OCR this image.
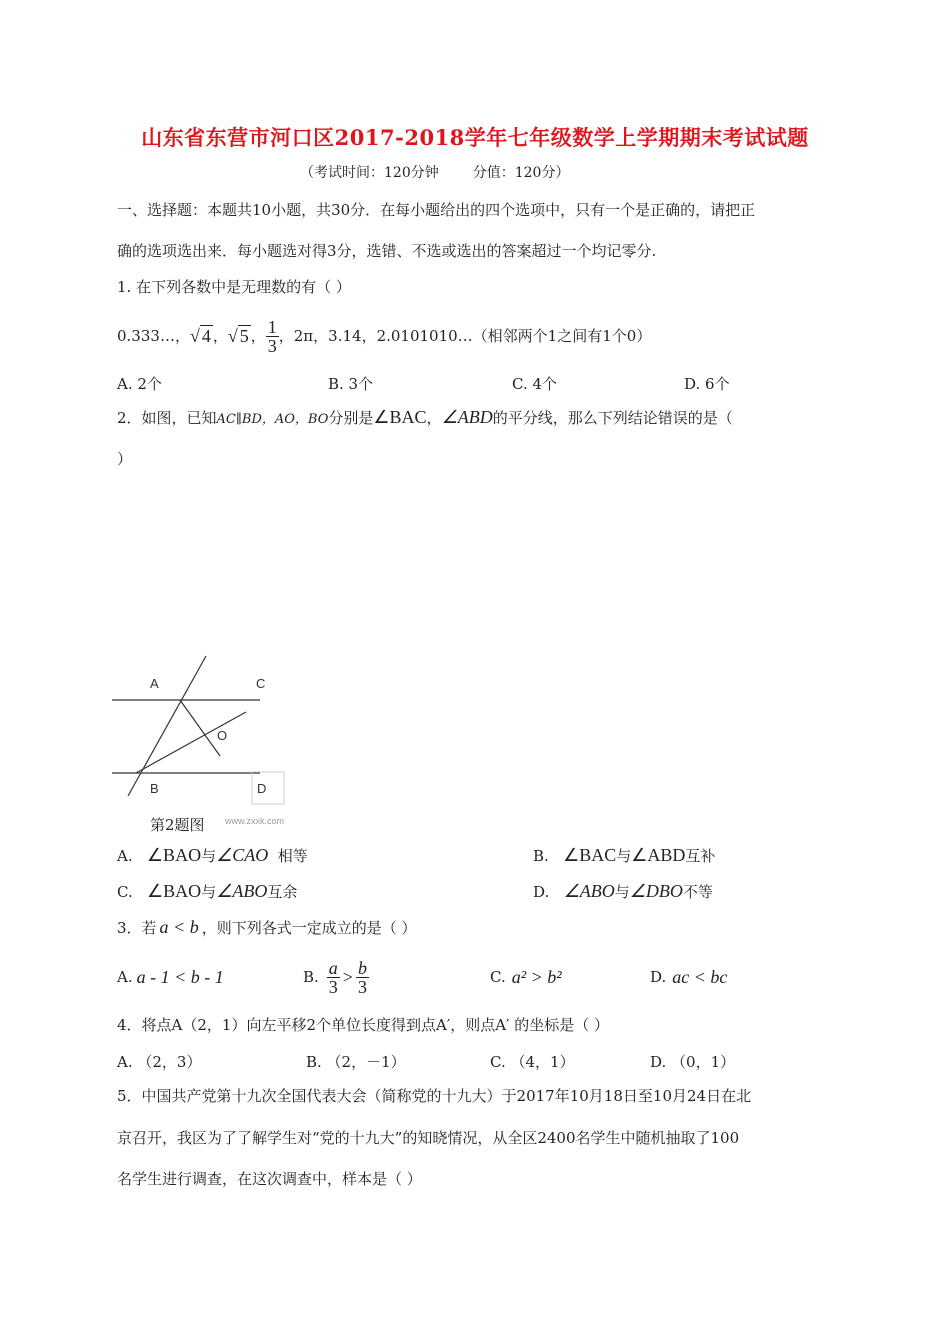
山东省东营市河口区2017-2018学年七年级数学上学期期末考试试题
（考试时间：120分钟 分值：120分）
一、选择题：本题共10小题，共30分．在每小题给出的四个选项中，只有一个是正确的，请把正
确的选项选出来．每小题选对得3分，选错、不选或选出的答案超过一个均记零分.
1. 在下列各数中是无理数的有（ ）
0.333…， √ 4 ， √ 5 ， $\frac{1}{3}$ ，2π，3.14，2.0101010…（相邻两个1之间有1个0）
A. 2个	B. 3个	C. 4个	D. 6个
2．如图，已知AC∥BD，AO，BO分别是∠BAC，∠ABD的平分线，那么下列结论错误的是（
）
A	C
O
B	D
www.zxxk.com
第2题图
A. ∠BAO与∠CAO 相等	B. ∠BAC与∠ABD互补
C. ∠BAO与∠ABO互余	D. ∠ABO与∠DBO不等
3．若 a < b ，则下列各式一定成立的是（ ）
A. a - 1 < b - 1	B. $\frac{a}{3} > \frac{b}{3}$	C. a² > b²	D. ac < bc
4．将点A（2，1）向左平移2个单位长度得到点A′，则点A′ 的坐标是（ ）
A. （2，3）	B. （2，－1）	C. （4，1）	D. （0，1）
5．中国共产党第十九次全国代表大会（简称党的十九大）于2017年10月18日至10月24日在北
京召开，我区为了了解学生对“党的十九大”的知晓情况，从全区2400名学生中随机抽取了100
名学生进行调查，在这次调查中，样本是（ ）
